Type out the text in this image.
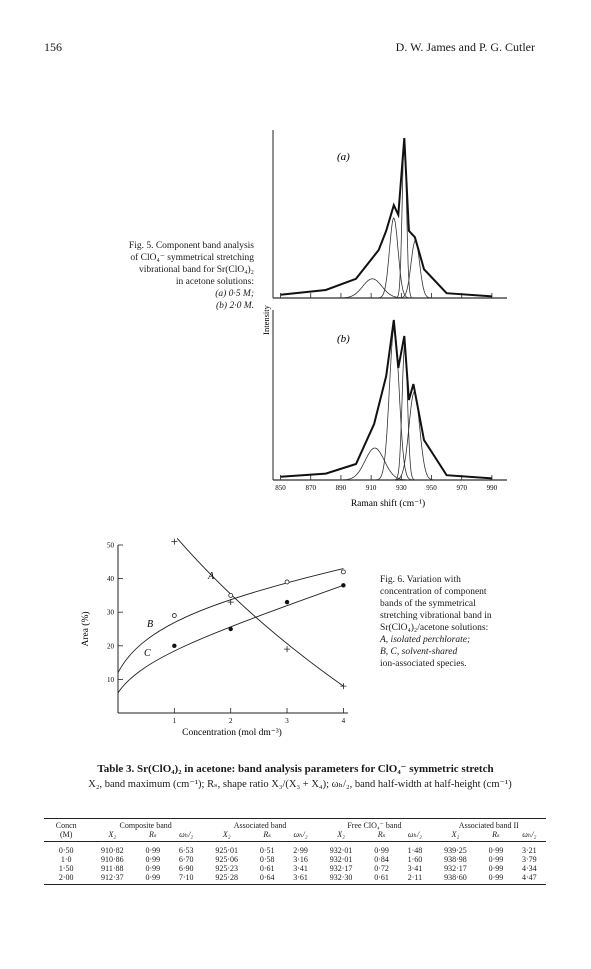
156	D. W. James and P. G. Cutler
Fig. 5. Component band analysis
of ClO₄⁻ symmetrical stretching
vibrational band for Sr(ClO₄)₂
in acetone solutions:
(a) 0·5 M;
(b) 2·0 M.
(a)
(b)
Intensity
850	870	890	910	930	950	970	990
Raman shift (cm⁻¹)
10
20
30
40
50
1	2	3	4
A
B
C
Area (%)
Concentration (mol dm⁻³)
Fig. 6. Variation with
concentration of component
bands of the symmetrical
stretching vibrational band in
Sr(ClO₄)₂/acetone solutions:
A, isolated perchlorate;
B, C, solvent-shared
ion-associated species.
Table 3. Sr(ClO₄)₂ in acetone: band analysis parameters for ClO₄⁻ symmetric stretch
X₂, band maximum (cm⁻¹); Rₛ, shape ratio X₃/(X₃ + X₄); ωₕ/₂, band half-width at half-height (cm⁻¹)
Concn	Composite band			Associated band			Free ClO₄⁻ band			Associated band II		
(M)	X₂	Rₛ	ωₕ/₂	X₂	Rₛ	ωₕ/₂	X₂	Rₛ	ωₕ/₂	X₂	Rₛ	ωₕ/₂
0·50	910·82	0·99	6·53	925·01	0·51	2·99	932·01	0·99	1·48	939·25	0·99	3·21
1·0	910·86	0·99	6·70	925·06	0·58	3·16	932·01	0·84	1·60	938·98	0·99	3·79
1·50	911·88	0·99	6·90	925·23	0·61	3·41	932·17	0·72	3·41	932·17	0·99	4·34
2·00	912·37	0·99	7·10	925·28	0·64	3·61	932·30	0·61	2·11	938·60	0·99	4·47
